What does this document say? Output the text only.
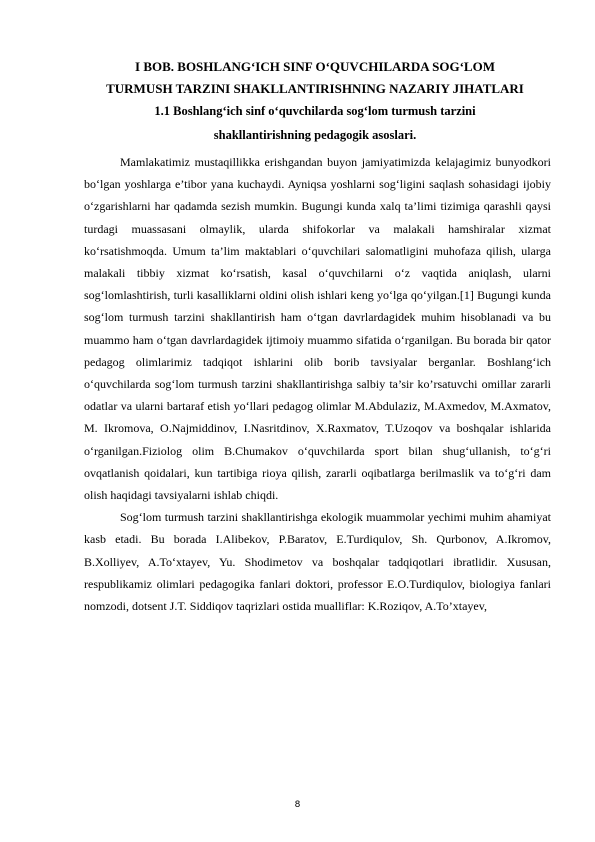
I BOB. BOSHLANG‘ICH SINF O‘QUVCHILARDA SOG‘LOM
TURMUSH TARZINI SHAKLLANTIRISHNING NAZARIY JIHATLARI
1.1 Boshlang‘ich sinf o‘quvchilarda sog‘lom turmush tarzini
shakllantirishning pedagogik asoslari.

Mamlakatimiz mustaqillikka erishgandan buyon jamiyatimizda kelajagimiz bunyodkori bo‘lgan yoshlarga e’tibor yana kuchaydi. Ayniqsa yoshlarni sog‘ligini saqlash sohasidagi ijobiy o‘zgarishlarni har qadamda sezish mumkin. Bugungi kunda xalq ta’limi tizimiga qarashli qaysi turdagi muassasani olmaylik, ularda shifokorlar va malakali hamshiralar xizmat ko‘rsatishmoqda. Umum ta’lim maktablari o‘quvchilari salomatligini muhofaza qilish, ularga malakali tibbiy xizmat ko‘rsatish, kasal o‘quvchilarni o‘z vaqtida aniqlash, ularni sog‘lomlashtirish, turli kasalliklarni oldini olish ishlari keng yo‘lga qo‘yilgan.[1] Bugungi kunda sog‘lom turmush tarzini shakllantirish ham o‘tgan davrlardagidek muhim hisoblanadi va bu muammo ham o‘tgan davrlardagidek ijtimoiy muammo sifatida o‘rganilgan. Bu borada bir qator pedagog olimlarimiz tadqiqot ishlarini olib borib tavsiyalar berganlar. Boshlang‘ich o‘quvchilarda sog‘lom turmush tarzini shakllantirishga salbiy ta’sir ko’rsatuvchi omillar zararli odatlar va ularni bartaraf etish yo‘llari pedagog olimlar M.Abdulaziz, M.Axmedov, M.Axmatov, M. Ikromova, O.Najmiddinov, I.Nasritdinov, X.Raxmatov, T.Uzoqov va boshqalar ishlarida o‘rganilgan.Fiziolog olim B.Chumakov o‘quvchilarda sport bilan shug‘ullanish, to‘g‘ri ovqatlanish qoidalari, kun tartibiga rioya qilish, zararli oqibatlarga berilmaslik va to‘g‘ri dam olish haqidagi tavsiyalarni ishlab chiqdi.

Sog‘lom turmush tarzini shakllantirishga ekologik muammolar yechimi muhim ahamiyat kasb etadi. Bu borada I.Alibekov, P.Baratov, E.Turdiqulov, Sh. Qurbonov, A.Ikromov, B.Xolliyev, A.To‘xtayev, Yu. Shodimetov va boshqalar tadqiqotlari ibratlidir. Xususan, respublikamiz olimlari pedagogika fanlari doktori, professor E.O.Turdiqulov, biologiya fanlari nomzodi, dotsent J.T. Siddiqov taqrizlari ostida mualliflar: K.Roziqov, A.To’xtayev,

8
